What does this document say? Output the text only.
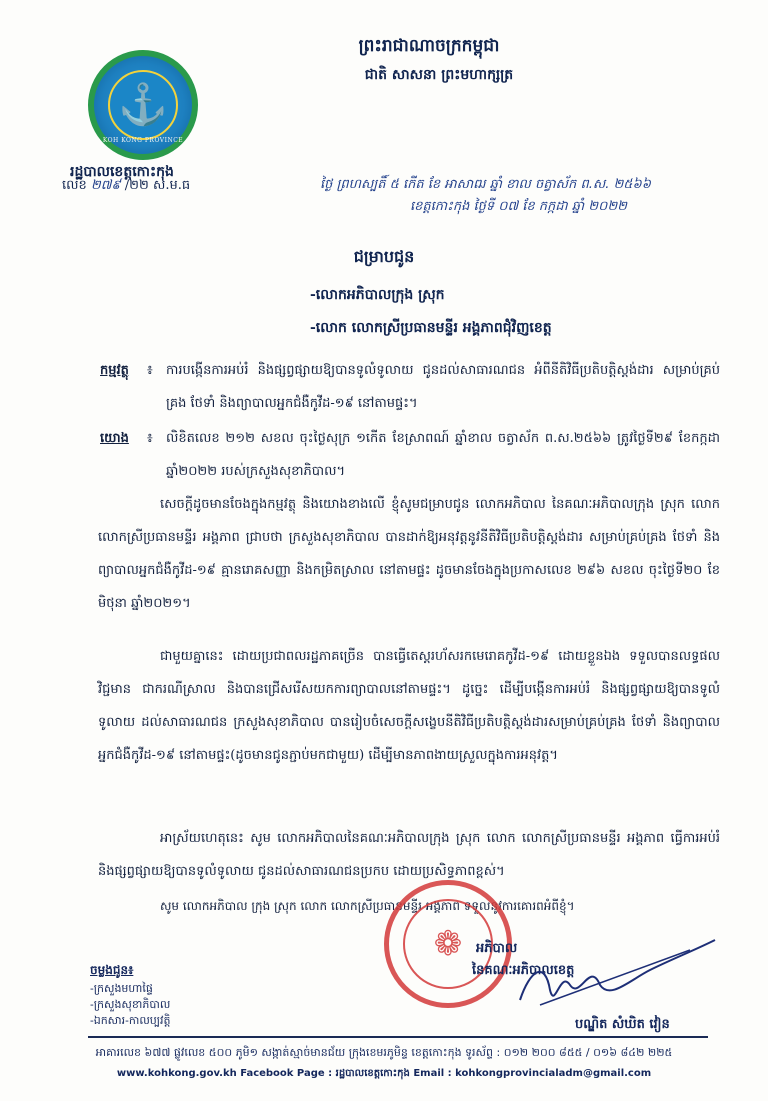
⚓
KOH KONG PROVINCE
ព្រះរាជាណាចក្រកម្ពុជា
ជាតិ សាសនា ព្រះមហាក្សត្រ
រដ្ឋបាលខេត្តកោះកុង
លេខ ២៧៩ /២២ ស.ម.ធ	ថ្ងៃ ព្រហស្បតិ៍ ៥ កើត ខែ អាសាឍ ឆ្នាំ ខាល ចត្វាស័ក ព.ស. ២៥៦៦
ខេត្តកោះកុង ថ្ងៃទី ០៧ ខែ កក្កដា ឆ្នាំ ២០២២
ជម្រាបជូន
-លោកអភិបាលក្រុង ស្រុក
-លោក លោកស្រីប្រធានមន្ទីរ អង្គភាពជុំវិញខេត្ត
កម្មវត្ថុ ៖ ការបង្កើនការអប់រំ និងផ្សព្វផ្សាយឱ្យបានទូលំទូលាយ ជូនដល់សាធារណជន អំពីនីតិវិធីប្រតិបត្តិស្តង់ដារ សម្រាប់គ្រប់គ្រង ថែទាំ និងព្យាបាលអ្នកជំងឺកូវីដ-១៩ នៅតាមផ្ទះ។
យោង ៖ លិខិតលេខ ២១២ សខល ចុះថ្ងៃសុក្រ ១កើត ខែស្រាពណ៍ ឆ្នាំខាល ចត្វាស័ក ព.ស.២៥៦៦ ត្រូវថ្ងៃទី២៩ ខែកក្កដា ឆ្នាំ២០២២ របស់ក្រសួងសុខាភិបាល។
សេចក្តីដូចមានចែងក្នុងកម្មវត្ថុ និងយោងខាងលើ ខ្ញុំសូមជម្រាបជូន លោកអភិបាល នៃគណៈអភិបាលក្រុង ស្រុក លោក លោកស្រីប្រធានមន្ទីរ អង្គភាព ជ្រាបថា ក្រសួងសុខាភិបាល បានដាក់ឱ្យអនុវត្តនូវនីតិវិធីប្រតិបត្តិស្តង់ដារ សម្រាប់គ្រប់គ្រង ថែទាំ និងព្យាបាលអ្នកជំងឺកូវីដ-១៩ គ្មានរោគសញ្ញា និងកម្រិតស្រាល នៅតាមផ្ទះ ដូចមានចែងក្នុងប្រកាសលេខ ២៩៦ សខល ចុះថ្ងៃទី២០ ខែមិថុនា ឆ្នាំ២០២១។
ជាមួយគ្នានេះ ដោយប្រជាពលរដ្ឋភាគច្រើន បានធ្វើតេស្តរហ័សរកមេរោគកូវីដ-១៩ ដោយខ្លួនឯង ទទួលបានលទ្ធផលវិជ្ជមាន ជាករណីស្រាល និងបានជ្រើសរើសយកការព្យាបាលនៅតាមផ្ទះ។ ដូច្នេះ ដើម្បីបង្កើនការអប់រំ និងផ្សព្វផ្សាយឱ្យបានទូលំទូលាយ ដល់សាធារណជន ក្រសួងសុខាភិបាល បានរៀបចំសេចក្តីសង្ខេបនីតិវិធីប្រតិបត្តិស្តង់ដារសម្រាប់គ្រប់គ្រង ថែទាំ និងព្យាបាលអ្នកជំងឺកូវីដ-១៩ នៅតាមផ្ទះ(ដូចមានជូនភ្ជាប់មកជាមួយ) ដើម្បីមានភាពងាយស្រួលក្នុងការអនុវត្ត។
អាស្រ័យហេតុនេះ សូម លោកអភិបាលនៃគណៈអភិបាលក្រុង ស្រុក លោក លោកស្រីប្រធានមន្ទីរ អង្គភាព ធ្វើការអប់រំ និងផ្សព្វផ្សាយឱ្យបានទូលំទូលាយ ជូនដល់សាធារណជនប្រកប ដោយប្រសិទ្ធភាពខ្ពស់។
សូម លោកអភិបាល ក្រុង ស្រុក លោក លោកស្រីប្រធានមន្ទីរ អង្គភាព ទទួលនូវការគោរពអំពីខ្ញុំ។
❁ អភិបាល
នៃគណៈអភិបាលខេត្ត
បណ្ឌិត សំឃិត វៀន
ចម្លងជូន៖
-ក្រសួងមហាផ្ទៃ
-ក្រសួងសុខាភិបាល
-ឯកសារ-កាលប្បវត្តិ
អាគារលេខ ៦៧៧ ផ្លូវលេខ ៥០០ ភូមិ១ សង្កាត់ស្មាច់មានជ័យ ក្រុងខេមរភូមិន្ទ ខេត្តកោះកុង ទូរស័ព្ទ : ០១២ ២០០ ៨៥៥ / ០១៦ ៨៤២ ២២៥
www.kohkong.gov.kh Facebook Page : រដ្ឋបាលខេត្តកោះកុង Email : kohkongprovincialadm@gmail.com
